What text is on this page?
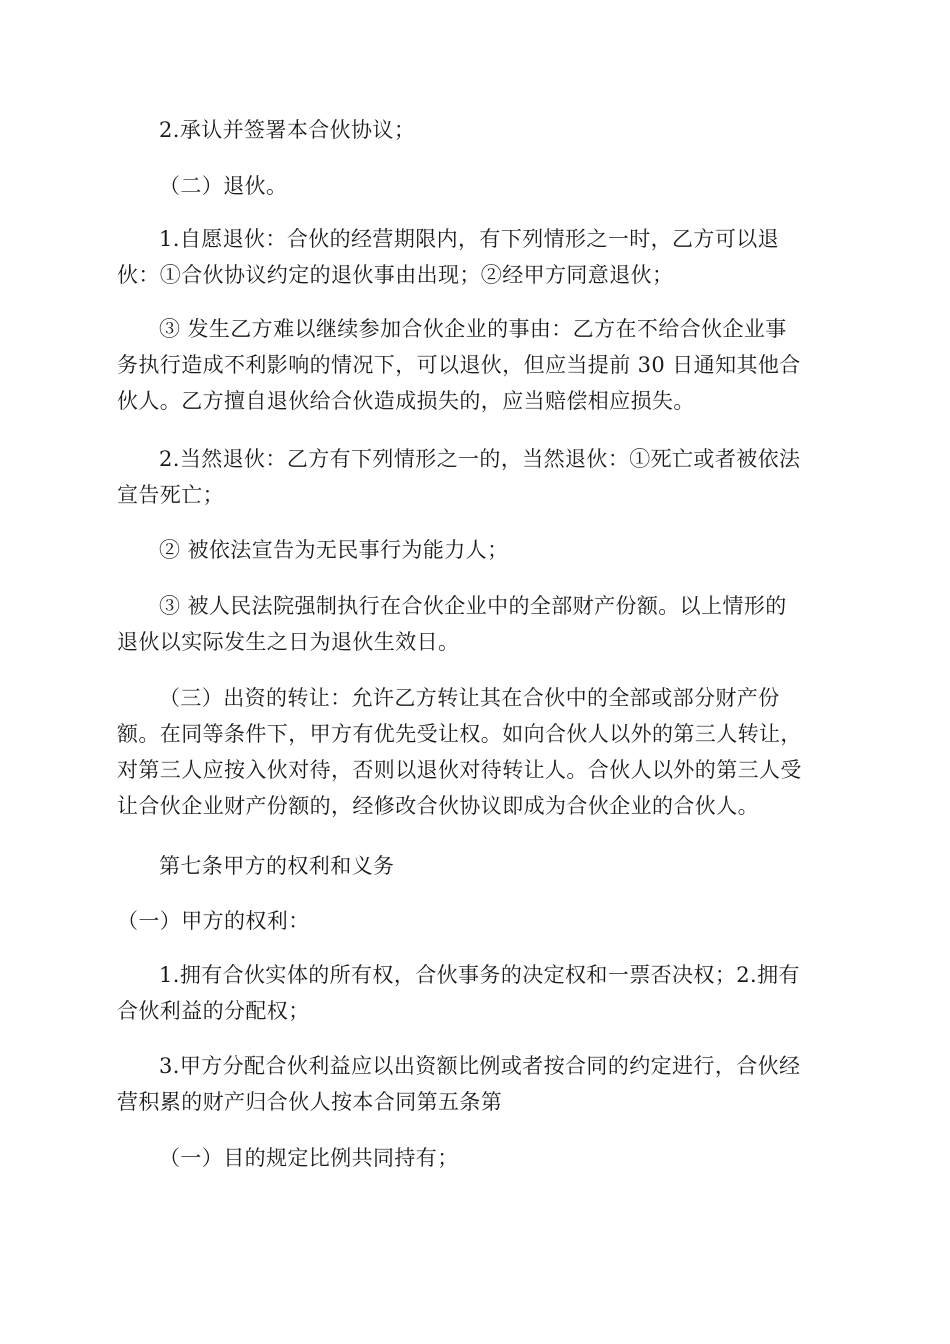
2.承认并签署本合伙协议；

（二）退伙。

1.自愿退伙：合伙的经营期限内，有下列情形之一时，乙方可以退
伙：①合伙协议约定的退伙事由出现；②经甲方同意退伙；

③ 发生乙方难以继续参加合伙企业的事由：乙方在不给合伙企业事
务执行造成不利影响的情况下，可以退伙，但应当提前 30 日通知其他合
伙人。乙方擅自退伙给合伙造成损失的，应当赔偿相应损失。

2.当然退伙：乙方有下列情形之一的，当然退伙：①死亡或者被依法
宣告死亡；

② 被依法宣告为无民事行为能力人；

③ 被人民法院强制执行在合伙企业中的全部财产份额。以上情形的
退伙以实际发生之日为退伙生效日。

（三）出资的转让：允许乙方转让其在合伙中的全部或部分财产份
额。在同等条件下，甲方有优先受让权。如向合伙人以外的第三人转让，
对第三人应按入伙对待，否则以退伙对待转让人。合伙人以外的第三人受
让合伙企业财产份额的，经修改合伙协议即成为合伙企业的合伙人。

第七条甲方的权利和义务

（一）甲方的权利：

1.拥有合伙实体的所有权，合伙事务的决定权和一票否决权；2.拥有
合伙利益的分配权；

3.甲方分配合伙利益应以出资额比例或者按合同的约定进行，合伙经
营积累的财产归合伙人按本合同第五条第

（一）目的规定比例共同持有；
